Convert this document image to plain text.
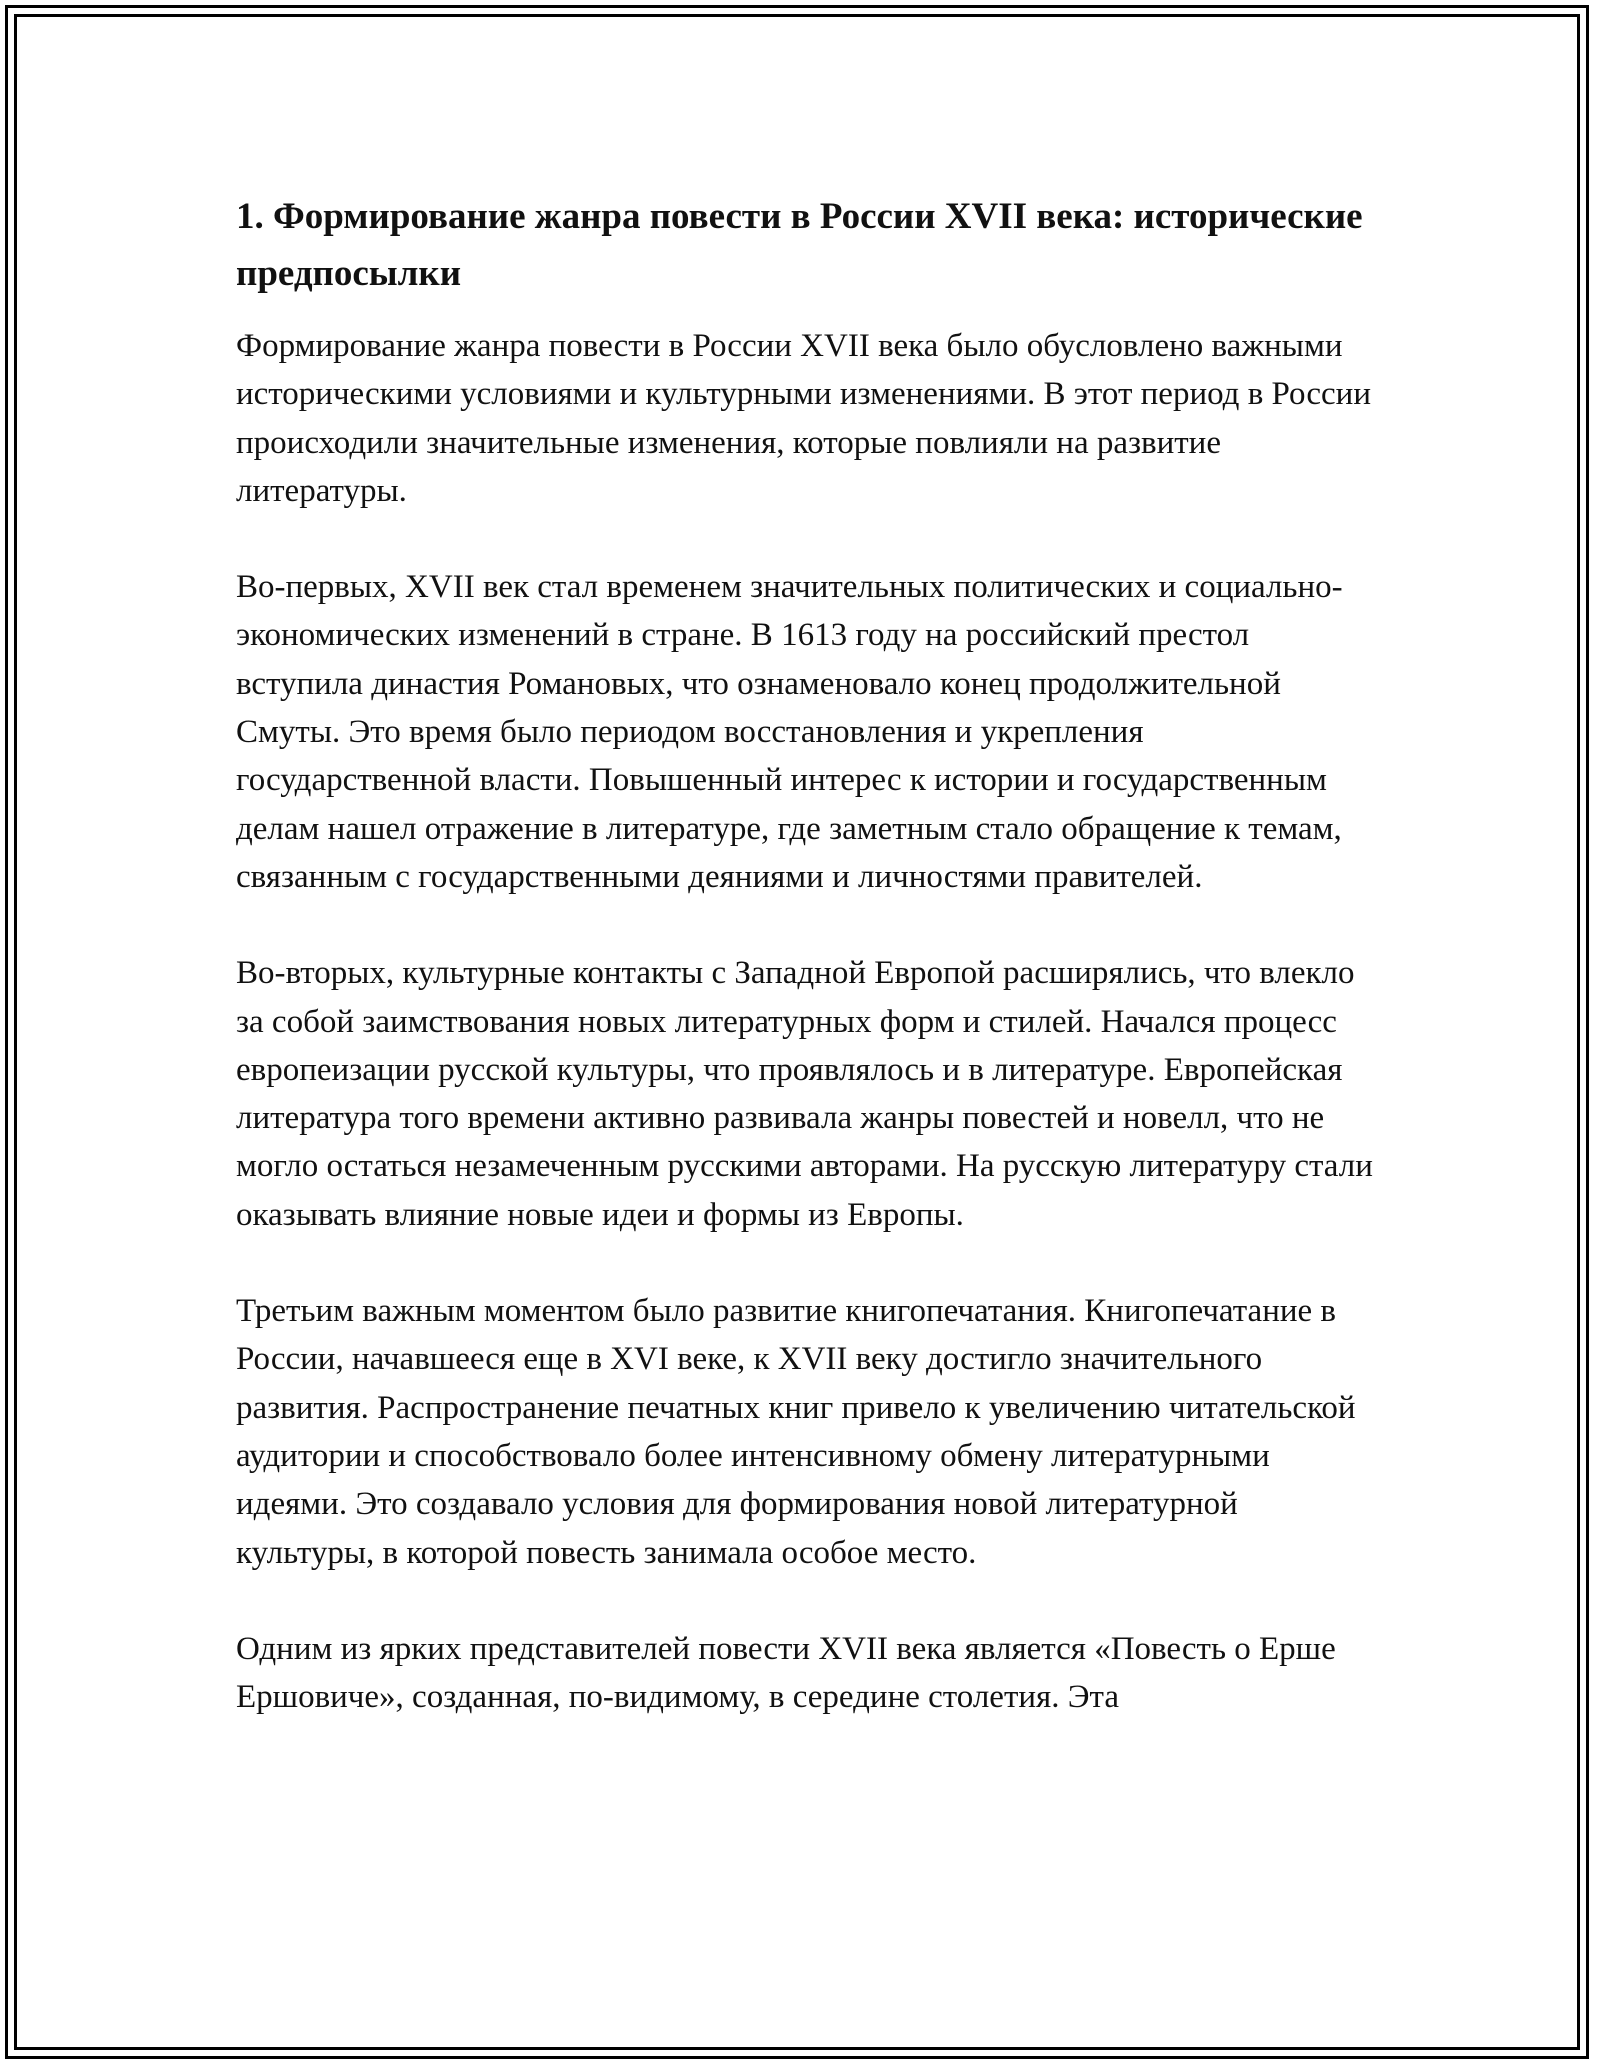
1. Формирование жанра повести в России XVII века: исторические предпосылки

Формирование жанра повести в России XVII века было обусловлено важными историческими условиями и культурными изменениями. В этот период в России происходили значительные изменения, которые повлияли на развитие литературы.

Во-первых, XVII век стал временем значительных политических и социально-экономических изменений в стране. В 1613 году на российский престол вступила династия Романовых, что ознаменовало конец продолжительной Смуты. Это время было периодом восстановления и укрепления государственной власти. Повышенный интерес к истории и государственным делам нашел отражение в литературе, где заметным стало обращение к темам, связанным с государственными деяниями и личностями правителей.

Во-вторых, культурные контакты с Западной Европой расширялись, что влекло за собой заимствования новых литературных форм и стилей. Начался процесс европеизации русской культуры, что проявлялось и в литературе. Европейская литература того времени активно развивала жанры повестей и новелл, что не могло остаться незамеченным русскими авторами. На русскую литературу стали оказывать влияние новые идеи и формы из Европы.

Третьим важным моментом было развитие книгопечатания. Книгопечатание в России, начавшееся еще в XVI веке, к XVII веку достигло значительного развития. Распространение печатных книг привело к увеличению читательской аудитории и способствовало более интенсивному обмену литературными идеями. Это создавало условия для формирования новой литературной культуры, в которой повесть занимала особое место.

Одним из ярких представителей повести XVII века является «Повесть о Ерше Ершовиче», созданная, по-видимому, в середине столетия. Эта
